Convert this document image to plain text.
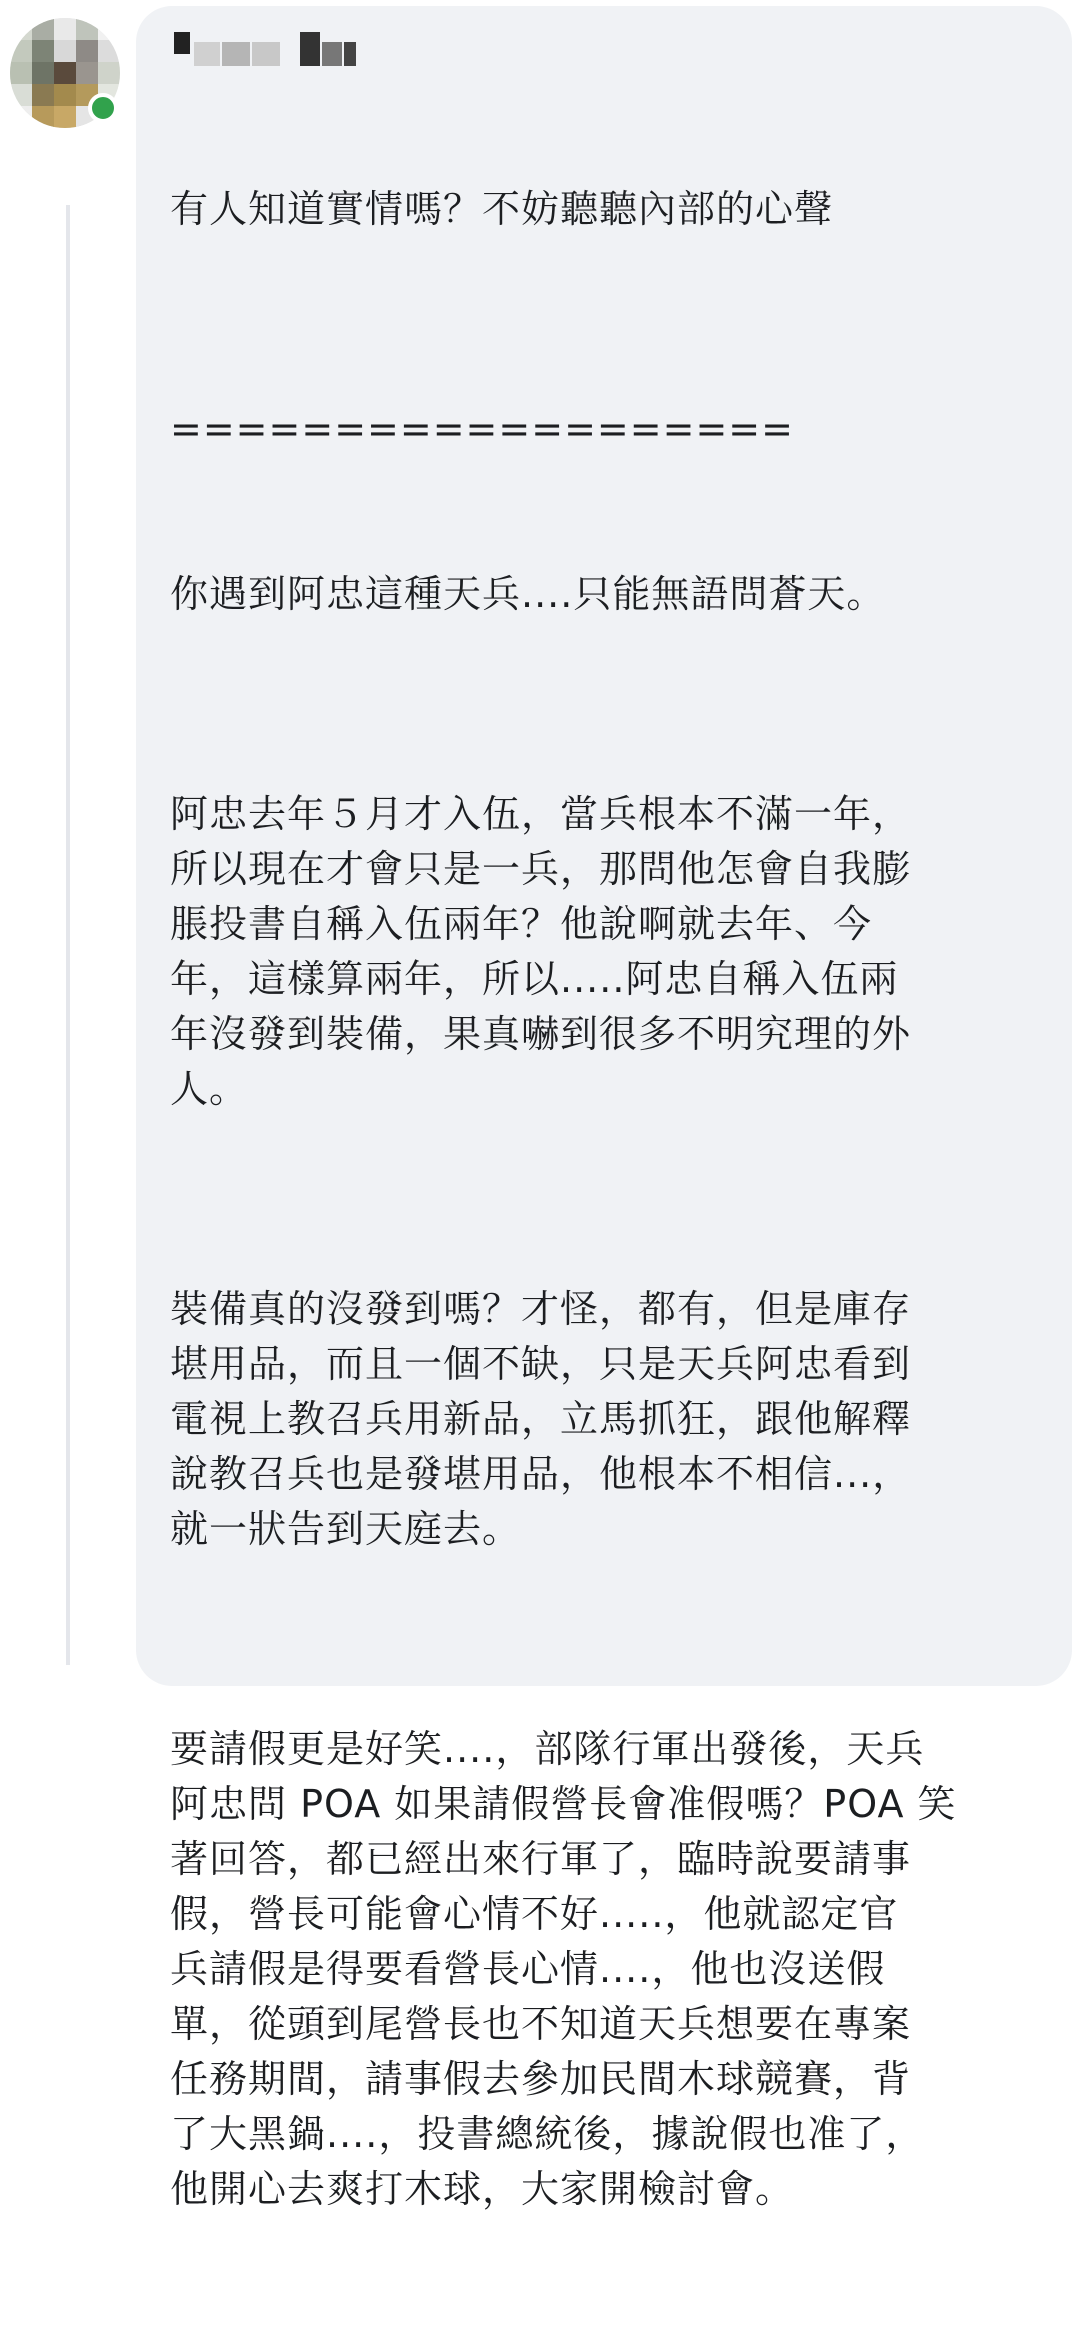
有人知道實情嗎？不妨聽聽內部的心聲

===================

你遇到阿忠這種天兵....只能無語問蒼天。

阿忠去年５月才入伍，當兵根本不滿一年，
所以現在才會只是一兵，那問他怎會自我膨
脹投書自稱入伍兩年？他說啊就去年、今
年，這樣算兩年，所以.....阿忠自稱入伍兩
年沒發到裝備，果真嚇到很多不明究理的外
人。

裝備真的沒發到嗎？才怪，都有，但是庫存
堪用品，而且一個不缺，只是天兵阿忠看到
電視上教召兵用新品，立馬抓狂，跟他解釋
說教召兵也是發堪用品，他根本不相信...，
就一狀告到天庭去。

要請假更是好笑....，部隊行軍出發後，天兵
阿忠問 POA 如果請假營長會准假嗎？POA 笑
著回答，都已經出來行軍了，臨時說要請事
假，營長可能會心情不好.....，他就認定官
兵請假是得要看營長心情....，他也沒送假
單，從頭到尾營長也不知道天兵想要在專案
任務期間，請事假去參加民間木球競賽，背
了大黑鍋....，投書總統後，據說假也准了，
他開心去爽打木球，大家開檢討會。
